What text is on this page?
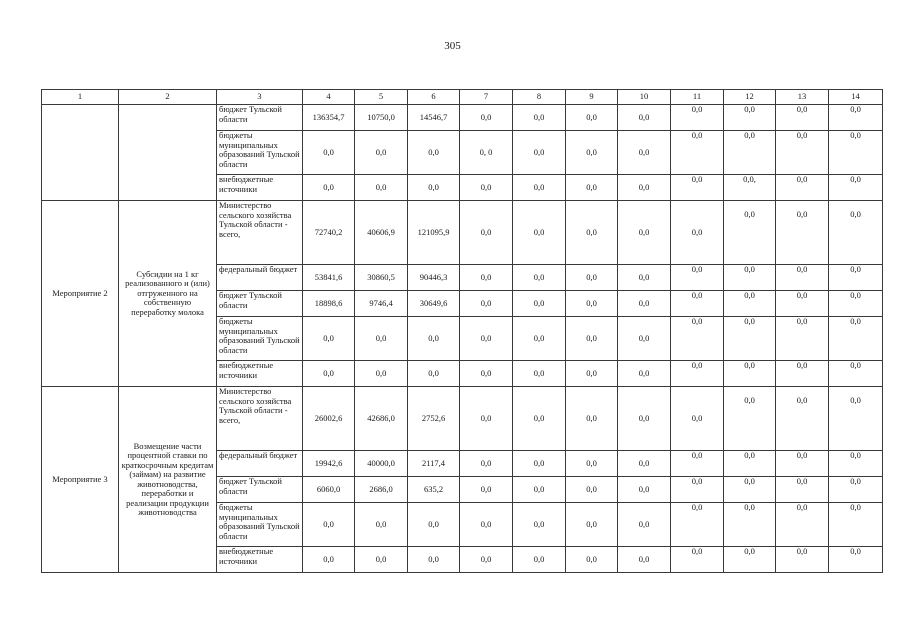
305
1	2	3	4	5	6	7	8	9	10	11	12	13	14
		бюджет Тульской области	136354,7	10750,0	14546,7	0,0	0,0	0,0	0,0	0,0	0,0	0,0	0,0
		бюджеты муниципальных образований Тульской области	0,0	0,0	0,0	0, 0	0,0	0,0	0,0	0,0	0,0	0,0	0,0
		внебюджетные источники	0,0	0,0	0,0	0,0	0,0	0,0	0,0	0,0	0,0,	0,0	0,0
Мероприятие 2	Субсидии на 1 кг реализованного и (или) отгруженного на собственную переработку молока	Министерство сельского хозяйства Тульской области - всего,	72740,2	40606,9	121095,9	0,0	0,0	0,0	0,0	0,0	0,0	0,0	0,0
		федеральный бюджет	53841,6	30860,5	90446,3	0,0	0,0	0,0	0,0	0,0	0,0	0,0	0,0
		бюджет Тульской области	18898,6	9746,4	30649,6	0,0	0,0	0,0	0,0	0,0	0,0	0,0	0,0
		бюджеты муниципальных образований Тульской области	0,0	0,0	0,0	0,0	0,0	0,0	0,0	0,0	0,0	0,0	0,0
		внебюджетные источники	0,0	0,0	0,0	0,0	0,0	0,0	0,0	0,0	0,0	0,0	0,0
Мероприятие 3	Возмещение части процентной ставки по краткосрочным кредитам (займам) на развитие животноводства, переработки и реализации продукции животноводства	Министерство сельского хозяйства Тульской области - всего,	26002,6	42686,0	2752,6	0,0	0,0	0,0	0,0	0,0	0,0	0,0	0,0
		федеральный бюджет	19942,6	40000,0	2117,4	0,0	0,0	0,0	0,0	0,0	0,0	0,0	0,0
		бюджет Тульской области	6060,0	2686,0	635,2	0,0	0,0	0,0	0,0	0,0	0,0	0,0	0,0
		бюджеты муниципальных образований Тульской области	0,0	0,0	0,0	0,0	0,0	0,0	0,0	0,0	0,0	0,0	0,0
		внебюджетные источники	0,0	0,0	0,0	0,0	0,0	0,0	0,0	0,0	0,0	0,0	0,0
